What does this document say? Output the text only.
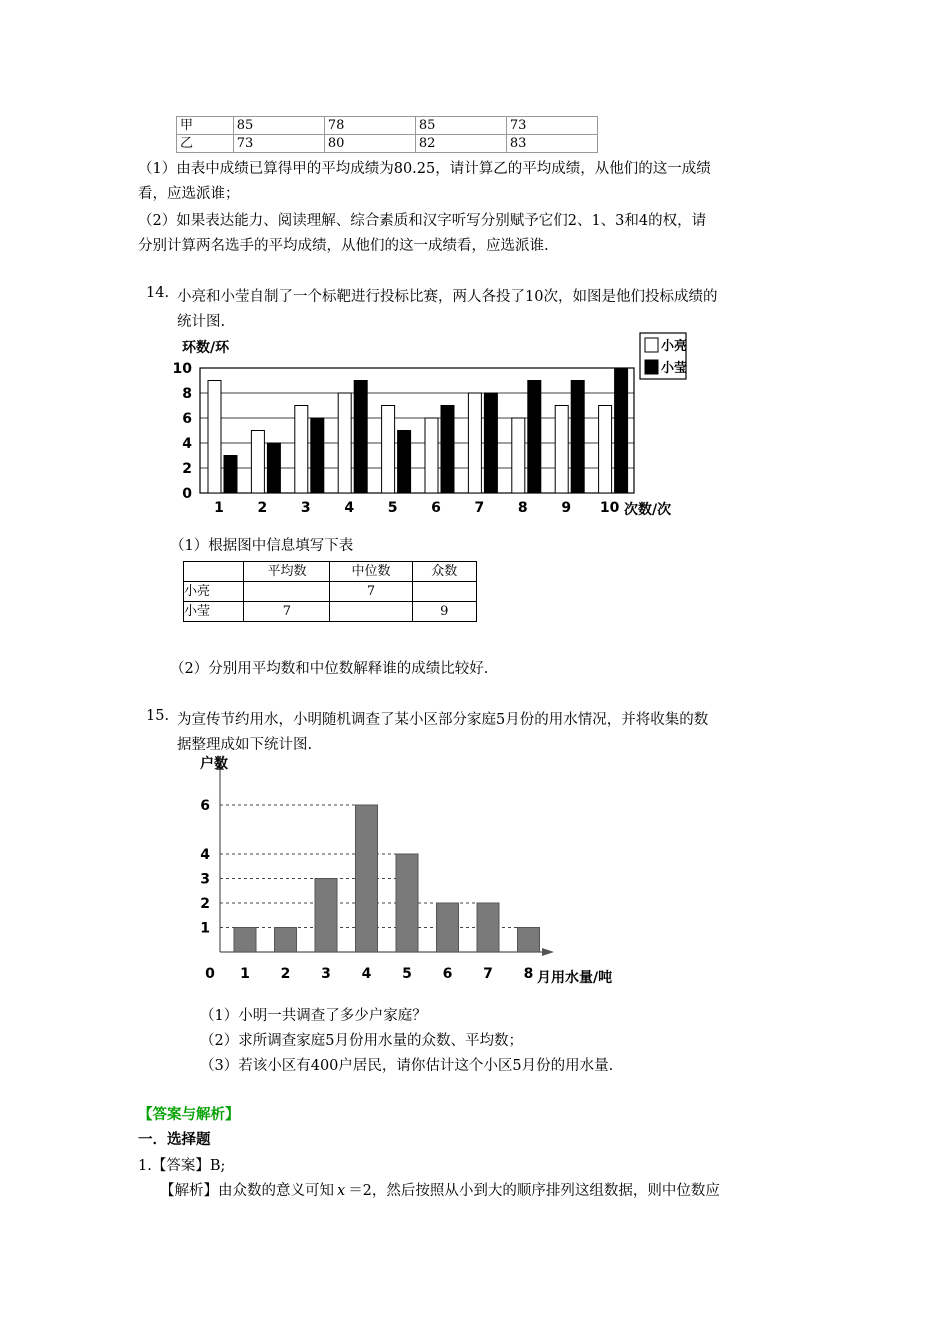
甲	85	78	85	73
乙	73	80	82	83
（1）由表中成绩已算得甲的平均成绩为80.25，请计算乙的平均成绩，从他们的这一成绩
看，应选派谁；
（2）如果表达能力、阅读理解、综合素质和汉字听写分别赋予它们2、1、3和4的权，请
分别计算两名选手的平均成绩，从他们的这一成绩看，应选派谁.
14. 小亮和小莹自制了一个标靶进行投标比赛，两人各投了10次，如图是他们投标成绩的
统计图.
0
2
4
6
8
10
环数/环
1 2 3 4 5 6 7 8 9 10 次数/次
小亮
小莹
（1）根据图中信息填写下表
	平均数	中位数	众数
小亮		7	
小莹	7		9
（2）分别用平均数和中位数解释谁的成绩比较好.
15. 为宣传节约用水，小明随机调查了某小区部分家庭5月份的用水情况，并将收集的数
据整理成如下统计图.
户数
月用水量/吨
0
1
2
3
4
6
1 2 3 4 5 6 7 8
（1）小明一共调查了多少户家庭？
（2）求所调查家庭5月份用水量的众数、平均数；
（3）若该小区有400户居民，请你估计这个小区5月份的用水量.
【答案与解析】
一．选择题
1.【答案】B;
【解析】由众数的意义可知 x ＝2，然后按照从小到大的顺序排列这组数据，则中位数应
